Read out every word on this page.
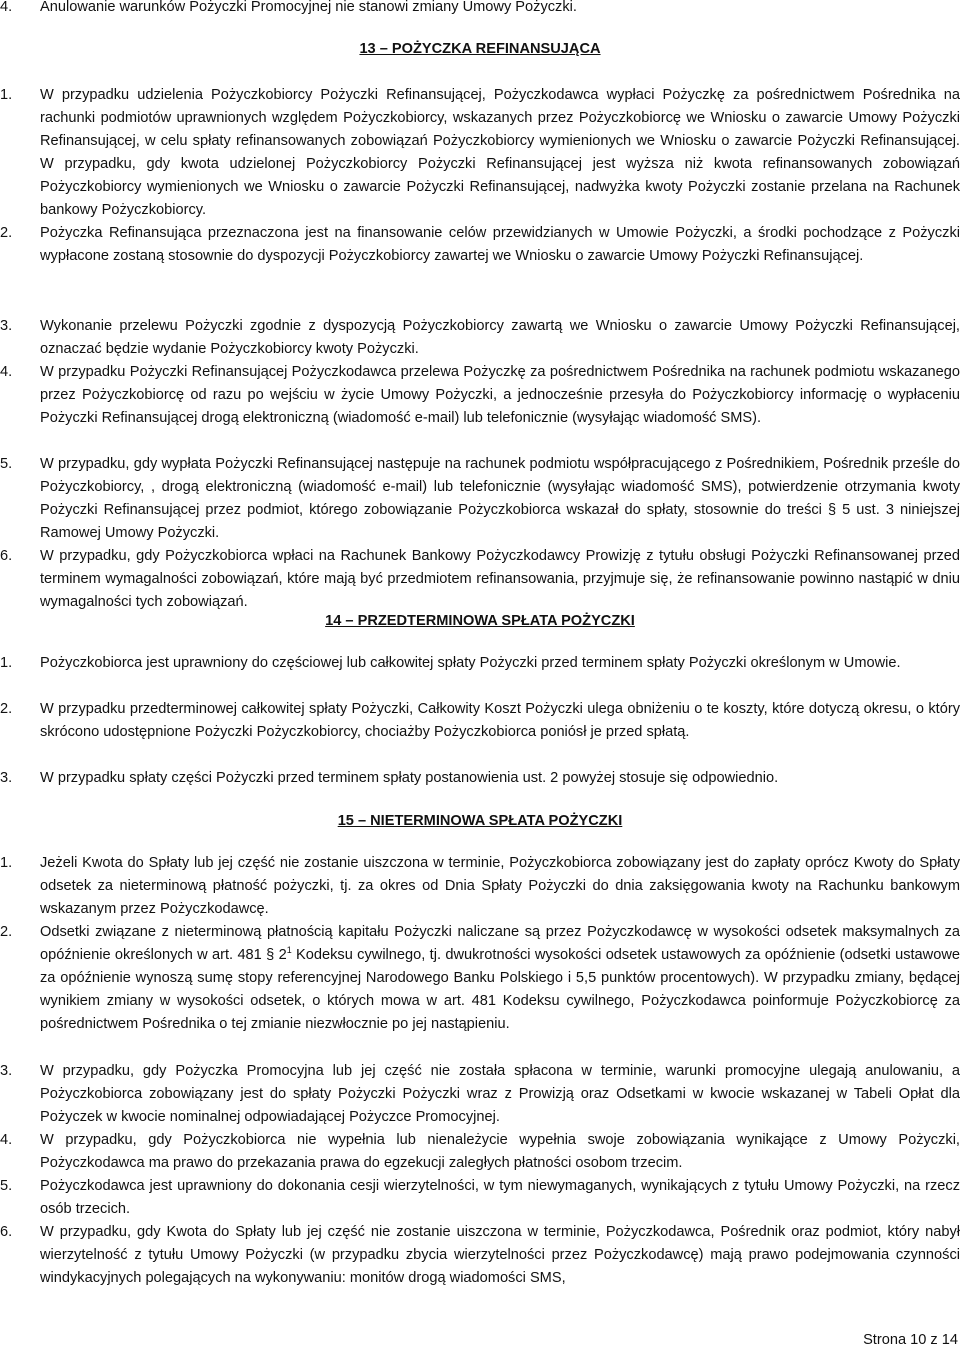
4.	Anulowanie warunków Pożyczki Promocyjnej nie stanowi zmiany Umowy Pożyczki.
13 – POŻYCZKA REFINANSUJĄCA
1.	W przypadku udzielenia Pożyczkobiorcy Pożyczki Refinansującej, Pożyczkodawca wypłaci Pożyczkę za pośrednictwem Pośrednika na rachunki podmiotów uprawnionych względem Pożyczkobiorcy, wskazanych przez Pożyczkobiorcę we Wniosku o zawarcie Umowy Pożyczki Refinansującej, w celu spłaty refinansowanych zobowiązań Pożyczkobiorcy wymienionych we Wniosku o zawarcie Pożyczki Refinansującej. W przypadku, gdy kwota udzielonej Pożyczkobiorcy Pożyczki Refinansującej jest wyższa niż kwota refinansowanych zobowiązań Pożyczkobiorcy wymienionych we Wniosku o zawarcie Pożyczki Refinansującej, nadwyżka kwoty Pożyczki zostanie przelana na Rachunek bankowy Pożyczkobiorcy.
2.	Pożyczka Refinansująca przeznaczona jest na finansowanie celów przewidzianych w Umowie Pożyczki, a środki pochodzące z Pożyczki wypłacone zostaną stosownie do dyspozycji Pożyczkobiorcy zawartej we Wniosku o zawarcie Umowy Pożyczki Refinansującej.
3.	Wykonanie przelewu Pożyczki zgodnie z dyspozycją Pożyczkobiorcy zawartą we Wniosku o zawarcie Umowy Pożyczki Refinansującej, oznaczać będzie wydanie Pożyczkobiorcy kwoty Pożyczki.
4.	W przypadku Pożyczki Refinansującej Pożyczkodawca przelewa Pożyczkę za pośrednictwem Pośrednika na rachunek podmiotu wskazanego przez Pożyczkobiorcę od razu po wejściu w życie Umowy Pożyczki, a jednocześnie przesyła do Pożyczkobiorcy informację o wypłaceniu Pożyczki Refinansującej drogą elektroniczną (wiadomość e-mail) lub telefonicznie (wysyłając wiadomość SMS).
5.	W przypadku, gdy wypłata Pożyczki Refinansującej następuje na rachunek podmiotu współpracującego z Pośrednikiem, Pośrednik prześle do Pożyczkobiorcy, , drogą elektroniczną (wiadomość e-mail) lub telefonicznie (wysyłając wiadomość SMS), potwierdzenie otrzymania kwoty Pożyczki Refinansującej przez podmiot, którego zobowiązanie Pożyczkobiorca wskazał do spłaty, stosownie do treści § 5 ust. 3 niniejszej Ramowej Umowy Pożyczki.
6.	W przypadku, gdy Pożyczkobiorca wpłaci na Rachunek Bankowy Pożyczkodawcy Prowizję z tytułu obsługi Pożyczki Refinansowanej przed terminem wymagalności zobowiązań, które mają być przedmiotem refinansowania, przyjmuje się, że refinansowanie powinno nastąpić w dniu wymagalności tych zobowiązań.
14 – PRZEDTERMINOWA SPŁATA POŻYCZKI
1.	Pożyczkobiorca jest uprawniony do częściowej lub całkowitej spłaty Pożyczki przed terminem spłaty Pożyczki określonym w Umowie.
2.	W przypadku przedterminowej całkowitej spłaty Pożyczki, Całkowity Koszt Pożyczki ulega obniżeniu o te koszty, które dotyczą okresu, o który skrócono udostępnione Pożyczki Pożyczkobiorcy, chociażby Pożyczkobiorca poniósł je przed spłatą.
3.	W przypadku spłaty części Pożyczki przed terminem spłaty postanowienia ust. 2 powyżej stosuje się odpowiednio.
15 – NIETERMINOWA SPŁATA POŻYCZKI
1.	Jeżeli Kwota do Spłaty lub jej część nie zostanie uiszczona w terminie, Pożyczkobiorca zobowiązany jest do zapłaty oprócz Kwoty do Spłaty odsetek za nieterminową płatność pożyczki, tj. za okres od Dnia Spłaty Pożyczki do dnia zaksięgowania kwoty na Rachunku bankowym wskazanym przez Pożyczkodawcę.
2.	Odsetki związane z nieterminową płatnością kapitału Pożyczki naliczane są przez Pożyczkodawcę w wysokości odsetek maksymalnych za opóźnienie określonych w art. 481 § $2^1$ Kodeksu cywilnego, tj. dwukrotności wysokości odsetek ustawowych za opóźnienie (odsetki ustawowe za opóźnienie wynoszą sumę stopy referencyjnej Narodowego Banku Polskiego i 5,5 punktów procentowych). W przypadku zmiany, będącej wynikiem zmiany w wysokości odsetek, o których mowa w art. 481 Kodeksu cywilnego, Pożyczkodawca poinformuje Pożyczkobiorcę za pośrednictwem Pośrednika o tej zmianie niezwłocznie po jej nastąpieniu.
3.	W przypadku, gdy Pożyczka Promocyjna lub jej część nie została spłacona w terminie, warunki promocyjne ulegają anulowaniu, a Pożyczkobiorca zobowiązany jest do spłaty Pożyczki Pożyczki wraz z Prowizją oraz Odsetkami w kwocie wskazanej w Tabeli Opłat dla Pożyczek w kwocie nominalnej odpowiadającej Pożyczce Promocyjnej.
4.	W przypadku, gdy Pożyczkobiorca nie wypełnia lub nienależycie wypełnia swoje zobowiązania wynikające z Umowy Pożyczki, Pożyczkodawca ma prawo do przekazania prawa do egzekucji zaległych płatności osobom trzecim.
5.	Pożyczkodawca jest uprawniony do dokonania cesji wierzytelności, w tym niewymaganych, wynikających z tytułu Umowy Pożyczki, na rzecz osób trzecich.
6.	W przypadku, gdy Kwota do Spłaty lub jej część nie zostanie uiszczona w terminie, Pożyczkodawca, Pośrednik oraz podmiot, który nabył wierzytelność z tytułu Umowy Pożyczki (w przypadku zbycia wierzytelności przez Pożyczkodawcę) mają prawo podejmowania czynności windykacyjnych polegających na wykonywaniu: monitów drogą wiadomości SMS,
Strona 10 z 14
